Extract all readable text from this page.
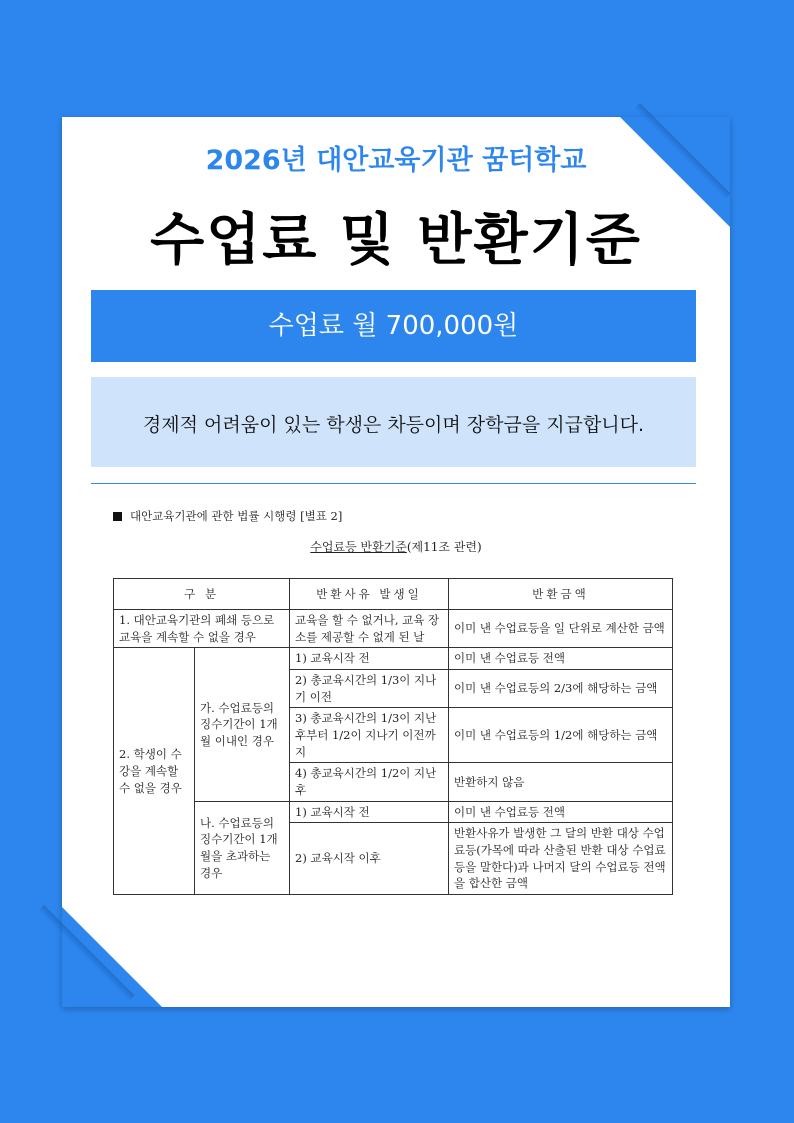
2026년 대안교육기관 꿈터학교
수업료 및 반환기준
수업료 월 700,000원
경제적 어려움이 있는 학생은 차등이며 장학금을 지급합니다.
대안교육기관에 관한 법률 시행령 [별표 2]
수업료등 반환기준(제11조 관련)
구 분		반환사유 발생일	반환금액
1. 대안교육기관의 폐쇄 등으로 교육을 계속할 수 없을 경우		교육을 할 수 없거나, 교육 장소를 제공할 수 없게 된 날	이미 낸 수업료등을 일 단위로 계산한 금액
2. 학생이 수강을 계속할 수 없을 경우	가. 수업료등의 징수기간이 1개월 이내인 경우	1) 교육시작 전	이미 낸 수업료등 전액
		2) 총교육시간의 1/3이 지나기 이전	이미 낸 수업료등의 2/3에 해당하는 금액
		3) 총교육시간의 1/3이 지난 후부터 1/2이 지나기 이전까지	이미 낸 수업료등의 1/2에 해당하는 금액
		4) 총교육시간의 1/2이 지난 후	반환하지 않음
	나. 수업료등의 징수기간이 1개월을 초과하는 경우	1) 교육시작 전	이미 낸 수업료등 전액
		2) 교육시작 이후	반환사유가 발생한 그 달의 반환 대상 수업료등(가목에 따라 산출된 반환 대상 수업료등을 말한다)과 나머지 달의 수업료등 전액을 합산한 금액
